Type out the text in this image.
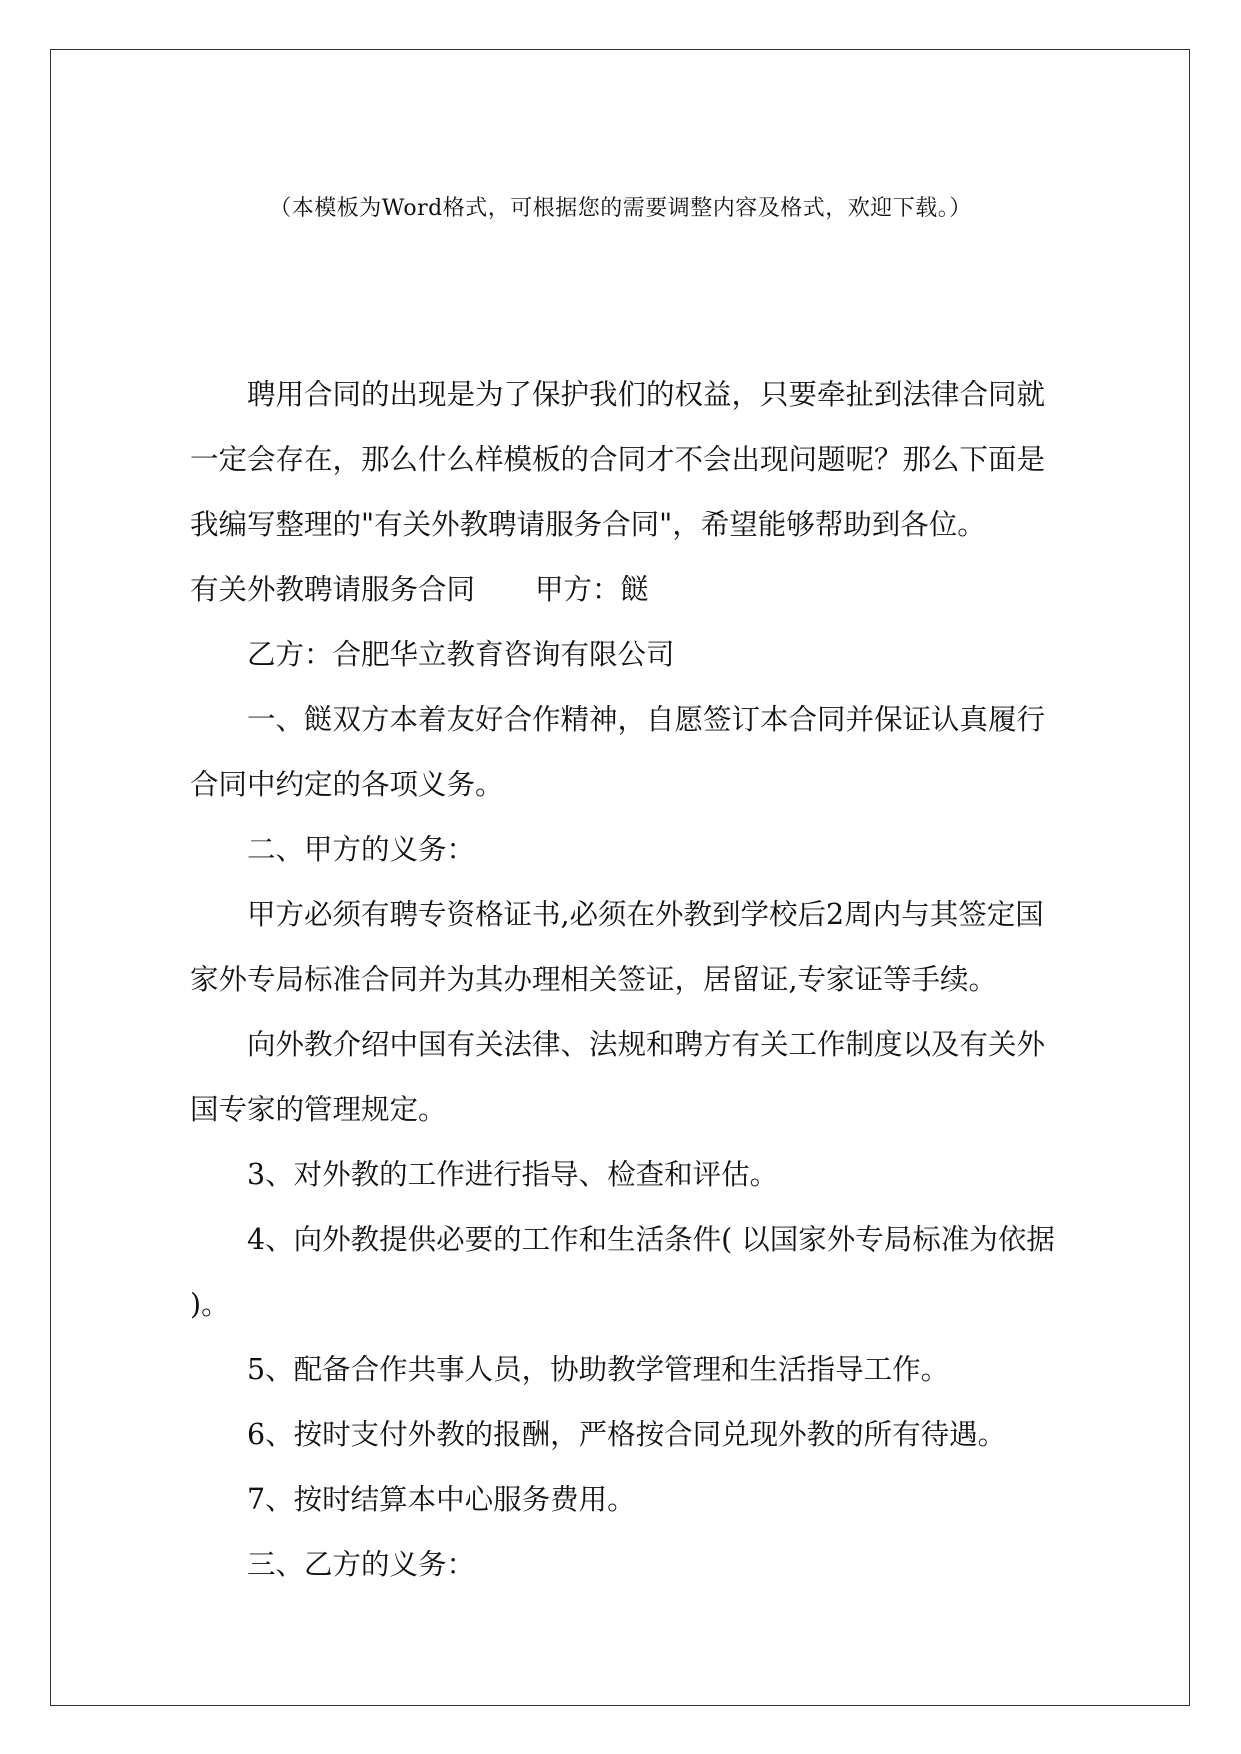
（本模板为Word格式，可根据您的需要调整内容及格式，欢迎下载。）

聘用合同的出现是为了保护我们的权益，只要牵扯到法律合同就一定会存在，那么什么样模板的合同才不会出现问题呢？那么下面是我编写整理的"有关外教聘请服务合同"，希望能够帮助到各位。

有关外教聘请服务合同 甲方：餸

乙方：合肥华立教育咨询有限公司

一、餸双方本着友好合作精神，自愿签订本合同并保证认真履行合同中约定的各项义务。

二、甲方的义务：

甲方必须有聘专资格证书,必须在外教到学校后2周内与其签定国家外专局标准合同并为其办理相关签证，居留证,专家证等手续。

向外教介绍中国有关法律、法规和聘方有关工作制度以及有关外国专家的管理规定。

3、对外教的工作进行指导、检查和评估。

4、向外教提供必要的工作和生活条件( 以国家外专局标准为依据 )。

5、配备合作共事人员，协助教学管理和生活指导工作。

6、按时支付外教的报酬，严格按合同兑现外教的所有待遇。

7、按时结算本中心服务费用。

三、乙方的义务：
